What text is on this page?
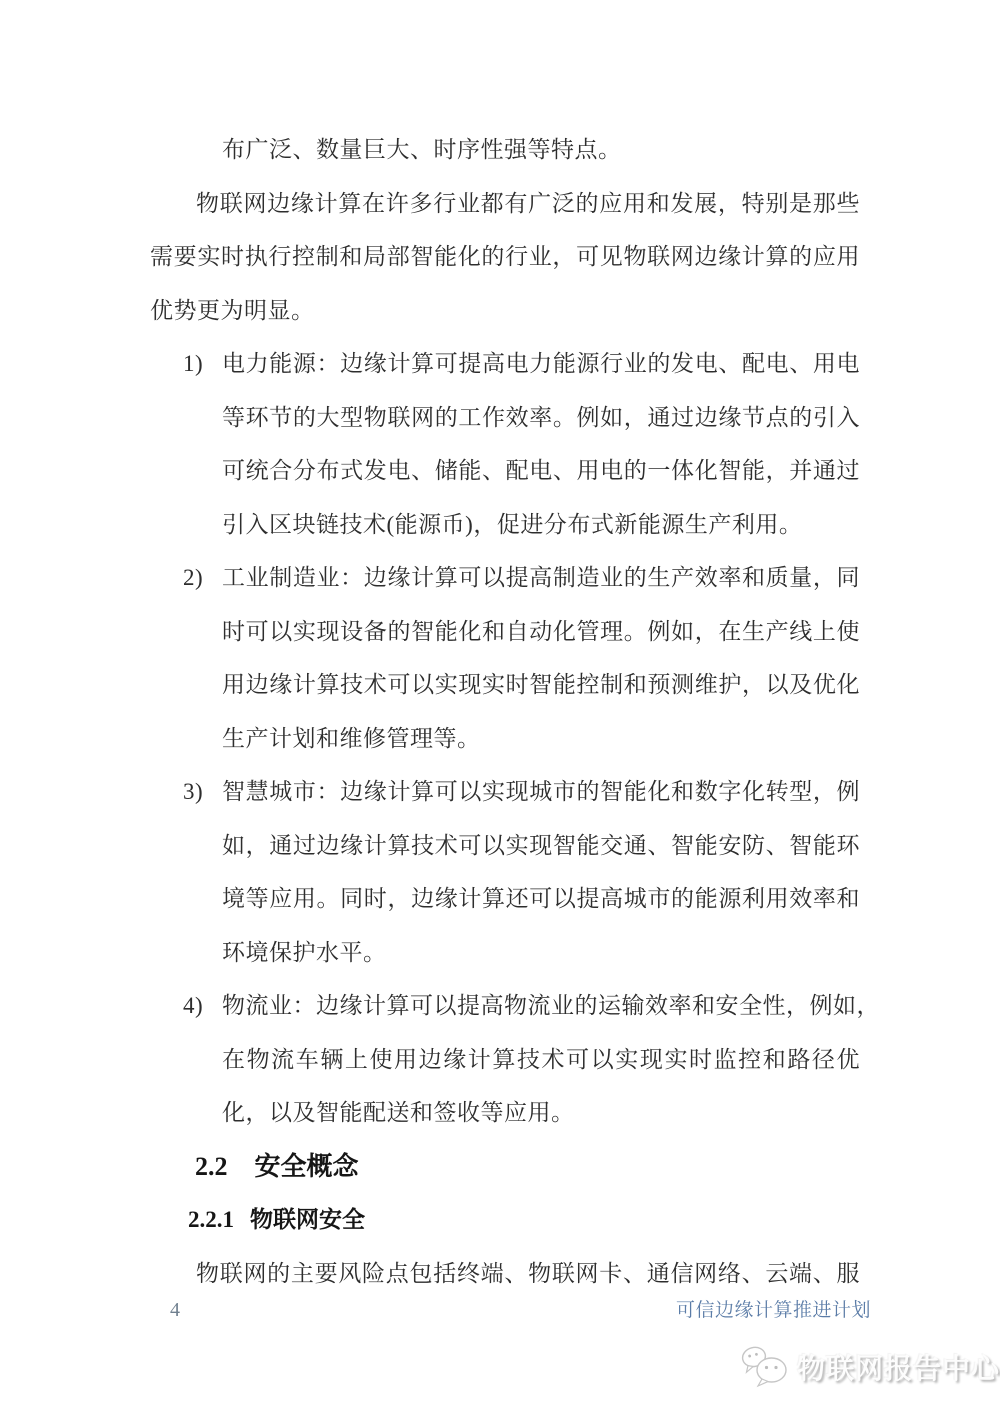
布广泛、数量巨大、时序性强等特点。
物联网边缘计算在许多行业都有广泛的应用和发展，特别是那些
需要实时执行控制和局部智能化的行业，可见物联网边缘计算的应用
优势更为明显。
1) 电力能源：边缘计算可提高电力能源行业的发电、配电、用电
等环节的大型物联网的工作效率。例如，通过边缘节点的引入
可统合分布式发电、储能、配电、用电的一体化智能，并通过
引入区块链技术(能源币)，促进分布式新能源生产利用。
2) 工业制造业：边缘计算可以提高制造业的生产效率和质量，同
时可以实现设备的智能化和自动化管理。例如，在生产线上使
用边缘计算技术可以实现实时智能控制和预测维护，以及优化
生产计划和维修管理等。
3) 智慧城市：边缘计算可以实现城市的智能化和数字化转型，例
如，通过边缘计算技术可以实现智能交通、智能安防、智能环
境等应用。同时，边缘计算还可以提高城市的能源利用效率和
环境保护水平。
4) 物流业：边缘计算可以提高物流业的运输效率和安全性，例如，
在物流车辆上使用边缘计算技术可以实现实时监控和路径优
化，以及智能配送和签收等应用。
2.2 安全概念
2.2.1 物联网安全
物联网的主要风险点包括终端、物联网卡、通信网络、云端、服
4	可信边缘计算推进计划
物联网报告中心
